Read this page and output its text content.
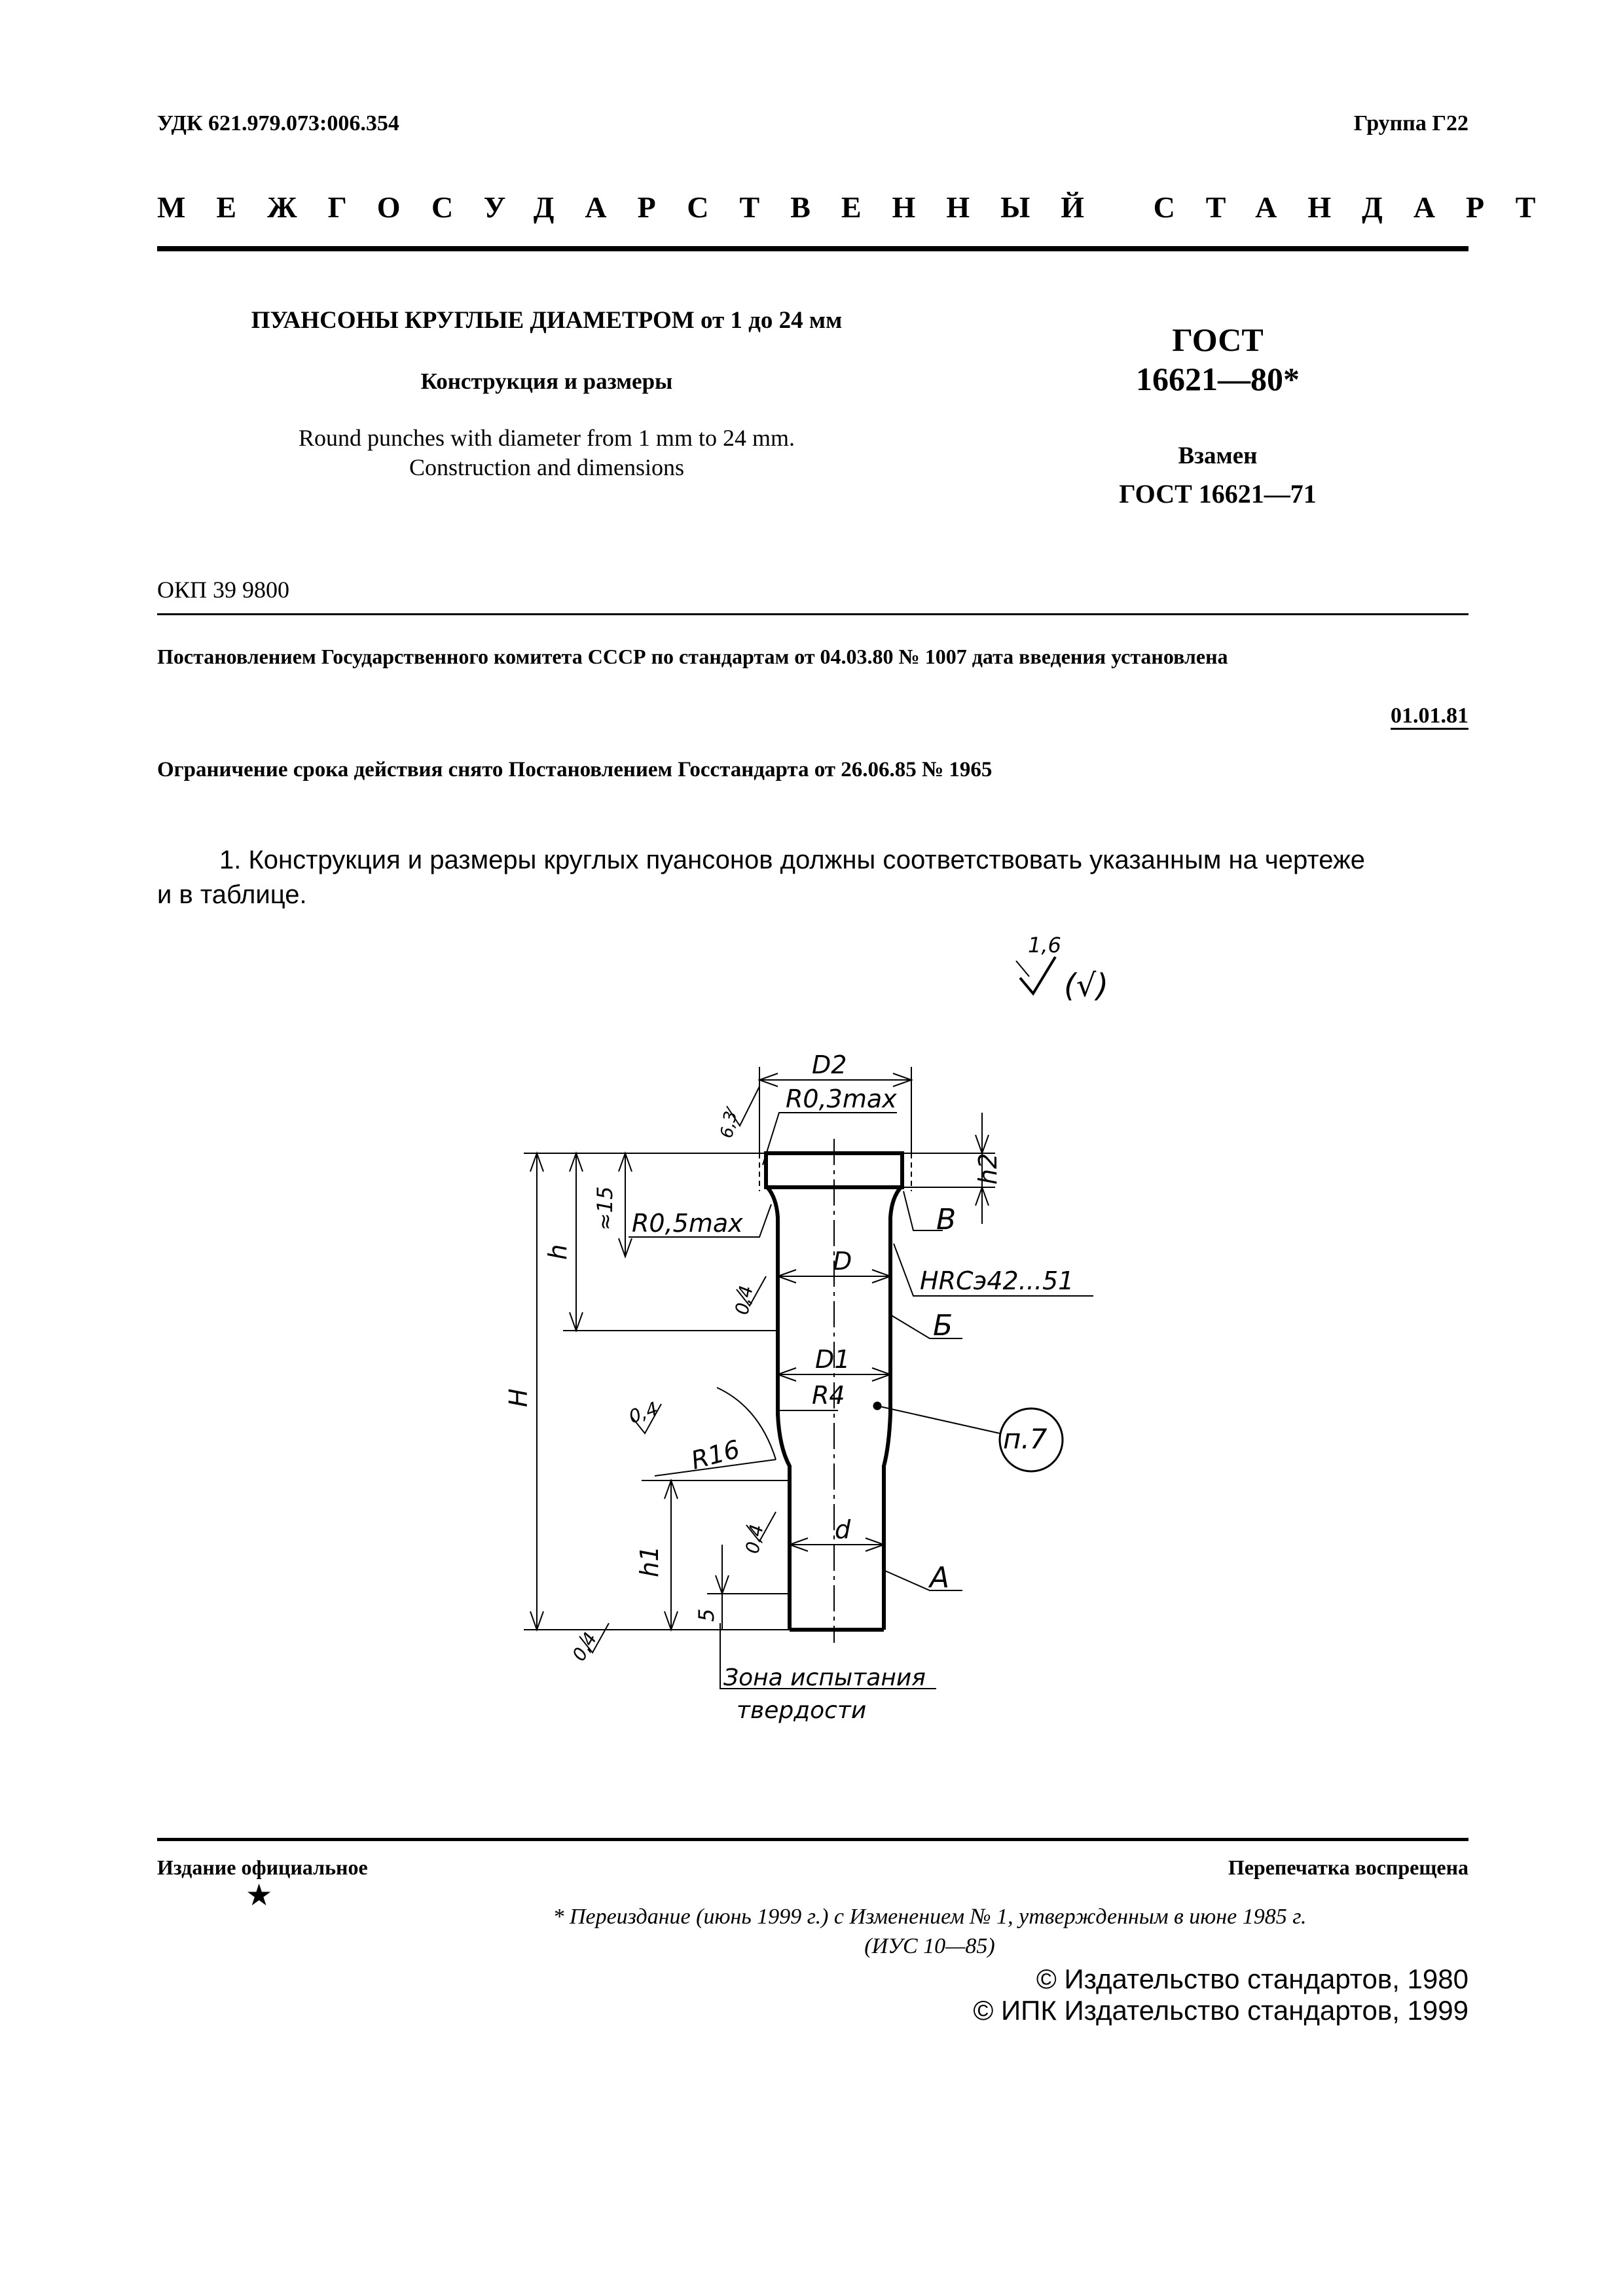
УДК 621.979.073:006.354	Группа Г22
МЕЖГОСУДАРСТВЕННЫЙ СТАНДАРТ
ПУАНСОНЫ КРУГЛЫЕ ДИАМЕТРОМ от 1 до 24 мм
Конструкция и размеры
Round punches with diameter from 1 mm to 24 mm.
Construction and dimensions
ГОСТ
16621—80*
Взамен
ГОСТ 16621—71
ОКП 39 9800
Постановлением Государственного комитета СССР по стандартам от 04.03.80 № 1007 дата введения установлена
01.01.81
Ограничение срока действия снято Постановлением Госстандарта от 26.06.85 № 1965
1. Конструкция и размеры круглых пуансонов должны соответствовать указанным на чертеже
и в таблице.
1,6
(√)
D2
R0,3max
6,3
h2
≈15 R0,5max	В
h	D
HRCэ42...51
0,4
Б
H
D1
R4
п.7
0,4
R16
0,4	d
h1	А
5
0,4
Зона испытания
твердости
Издание официальное
★
Перепечатка воспрещена
* Переиздание (июнь 1999 г.) с Изменением № 1, утвержденным в июне 1985 г.
(ИУС 10—85)
© Издательство стандартов, 1980
© ИПК Издательство стандартов, 1999
